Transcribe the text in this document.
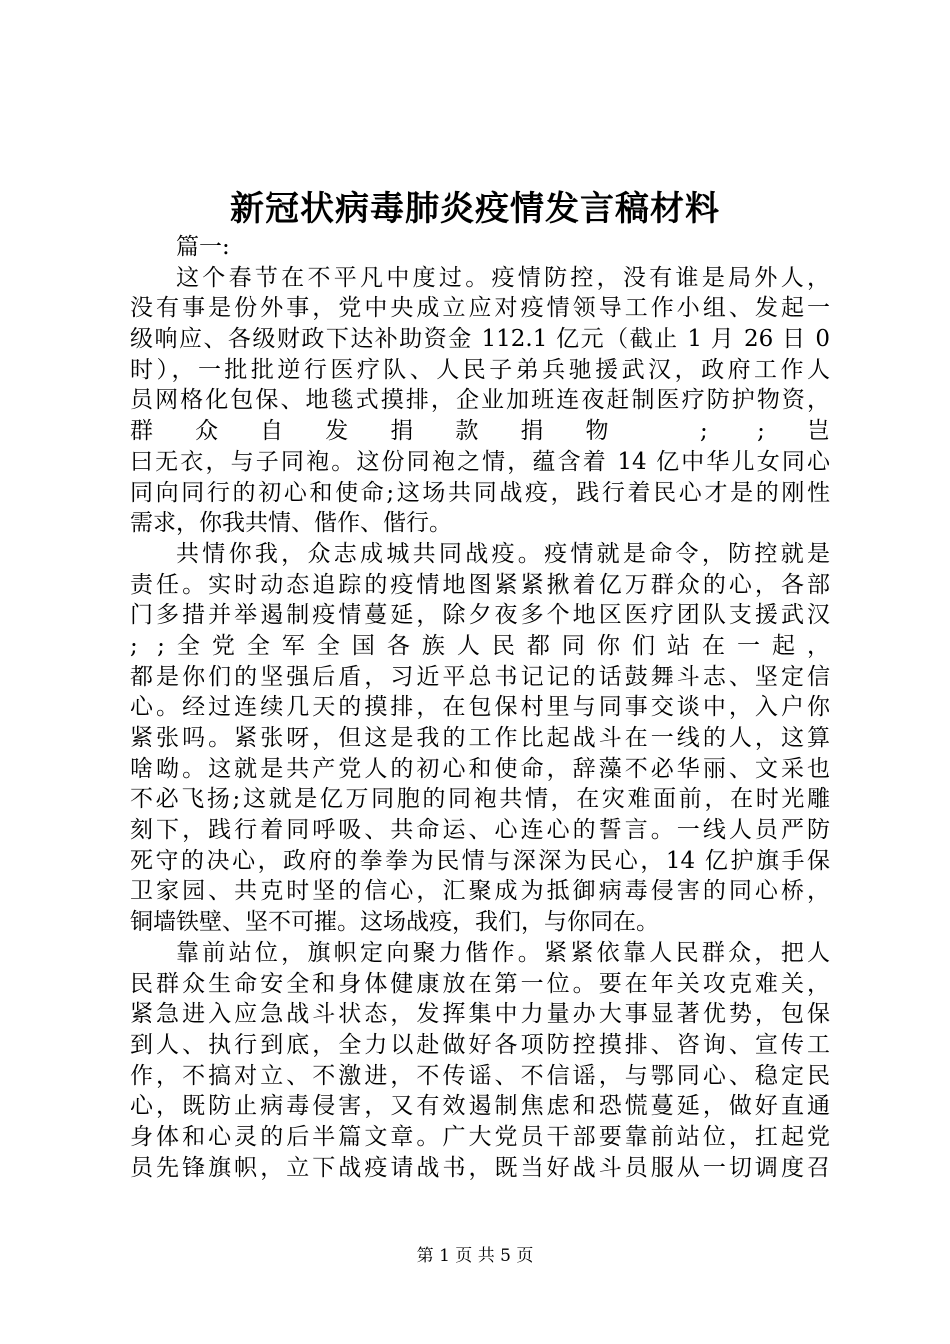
新冠状病毒肺炎疫情发言稿材料
篇一:
这个春节在不平凡中度过。疫情防控，没有谁是局外人，
没有事是份外事，党中央成立应对疫情领导工作小组、发起一
级响应、各级财政下达补助资金 112.1 亿元（截止 1 月 26 日 0
时），一批批逆行医疗队、人民子弟兵驰援武汉，政府工作人
员网格化包保、地毯式摸排，企业加班连夜赶制医疗防护物资，
群众自发捐款捐物 ; ;岂
曰无衣，与子同袍。这份同袍之情，蕴含着 14 亿中华儿女同心
同向同行的初心和使命;这场共同战疫，践行着民心才是的刚性
需求，你我共情、偕作、偕行。
共情你我，众志成城共同战疫。疫情就是命令，防控就是
责任。实时动态追踪的疫情地图紧紧揪着亿万群众的心，各部
门多措并举遏制疫情蔓延，除夕夜多个地区医疗团队支援武汉
; ;全党全军全国各族人民都同你们站在一起，
都是你们的坚强后盾，习近平总书记记的话鼓舞斗志、坚定信
心。经过连续几天的摸排，在包保村里与同事交谈中，入户你
紧张吗。紧张呀，但这是我的工作比起战斗在一线的人，这算
啥呦。这就是共产党人的初心和使命，辞藻不必华丽、文采也
不必飞扬;这就是亿万同胞的同袍共情，在灾难面前，在时光雕
刻下，践行着同呼吸、共命运、心连心的誓言。一线人员严防
死守的决心，政府的拳拳为民情与深深为民心，14 亿护旗手保
卫家园、共克时坚的信心，汇聚成为抵御病毒侵害的同心桥，
铜墙铁壁、坚不可摧。这场战疫，我们，与你同在。
靠前站位，旗帜定向聚力偕作。紧紧依靠人民群众，把人
民群众生命安全和身体健康放在第一位。要在年关攻克难关，
紧急进入应急战斗状态，发挥集中力量办大事显著优势，包保
到人、执行到底，全力以赴做好各项防控摸排、咨询、宣传工
作，不搞对立、不激进，不传谣、不信谣，与鄂同心、稳定民
心，既防止病毒侵害，又有效遏制焦虑和恐慌蔓延，做好直通
身体和心灵的后半篇文章。广大党员干部要靠前站位，扛起党
员先锋旗帜，立下战疫请战书，既当好战斗员服从一切调度召
第 1 页 共 5 页
